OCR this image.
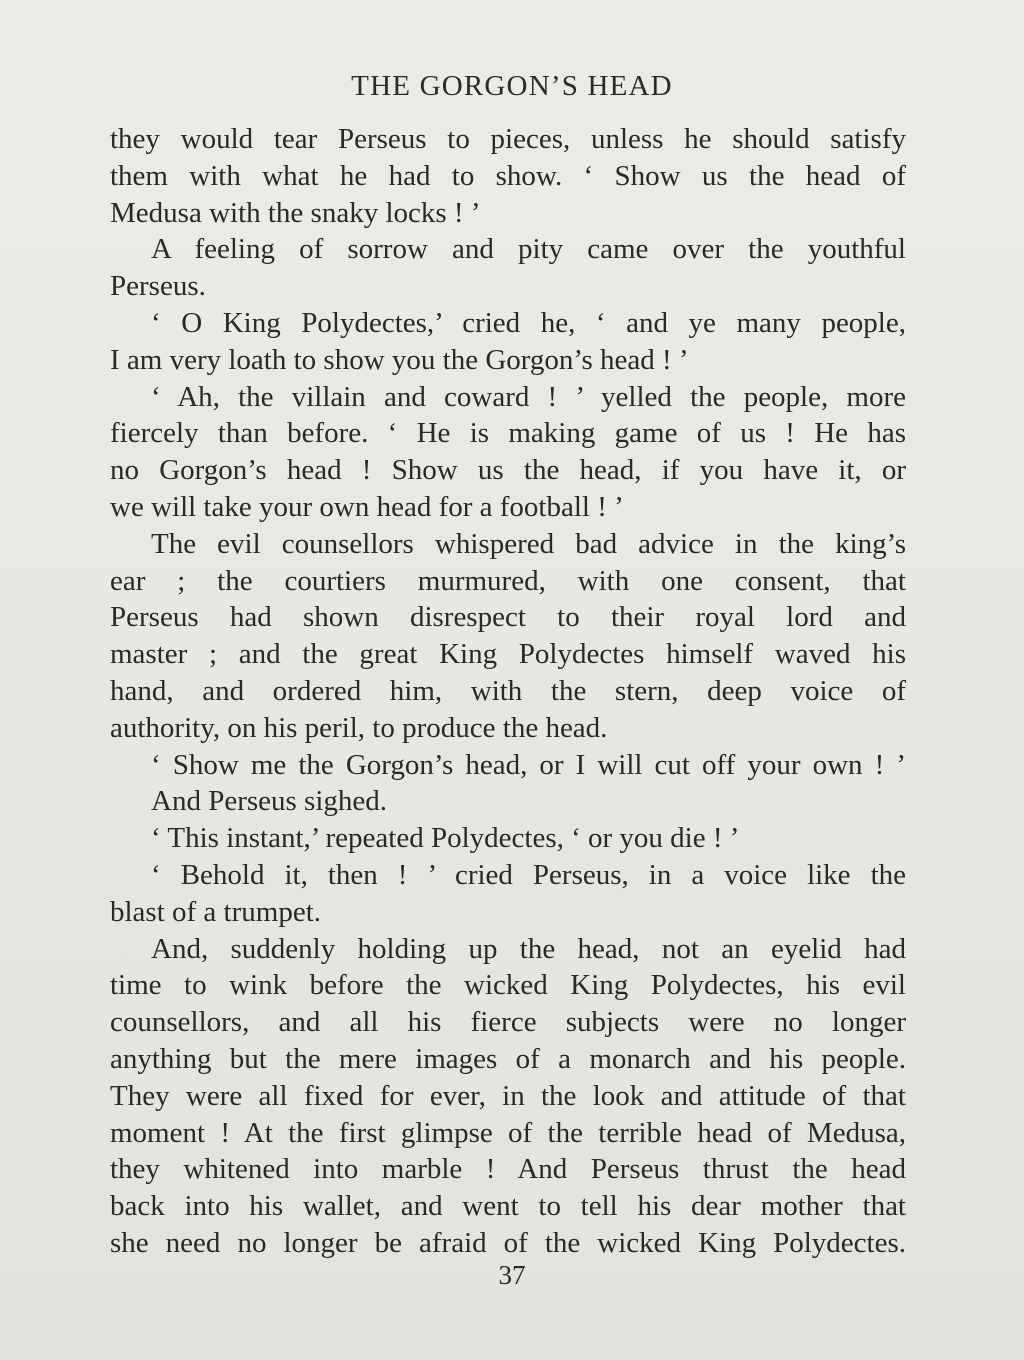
THE GORGON’S HEAD
they would tear Perseus to pieces, unless he should satisfy
them with what he had to show. ‘ Show us the head of
Medusa with the snaky locks ! ’
A feeling of sorrow and pity came over the youthful
Perseus.
‘ O King Polydectes,’ cried he, ‘ and ye many people,
I am very loath to show you the Gorgon’s head ! ’
‘ Ah, the villain and coward ! ’ yelled the people, more
fiercely than before. ‘ He is making game of us ! He has
no Gorgon’s head ! Show us the head, if you have it, or
we will take your own head for a football ! ’
The evil counsellors whispered bad advice in the king’s
ear ; the courtiers murmured, with one consent, that
Perseus had shown disrespect to their royal lord and
master ; and the great King Polydectes himself waved his
hand, and ordered him, with the stern, deep voice of
authority, on his peril, to produce the head.
‘ Show me the Gorgon’s head, or I will cut off your own ! ’
And Perseus sighed.
‘ This instant,’ repeated Polydectes, ‘ or you die ! ’
‘ Behold it, then ! ’ cried Perseus, in a voice like the
blast of a trumpet.
And, suddenly holding up the head, not an eyelid had
time to wink before the wicked King Polydectes, his evil
counsellors, and all his fierce subjects were no longer
anything but the mere images of a monarch and his people.
They were all fixed for ever, in the look and attitude of that
moment ! At the first glimpse of the terrible head of Medusa,
they whitened into marble ! And Perseus thrust the head
back into his wallet, and went to tell his dear mother that
she need no longer be afraid of the wicked King Polydectes.
37
